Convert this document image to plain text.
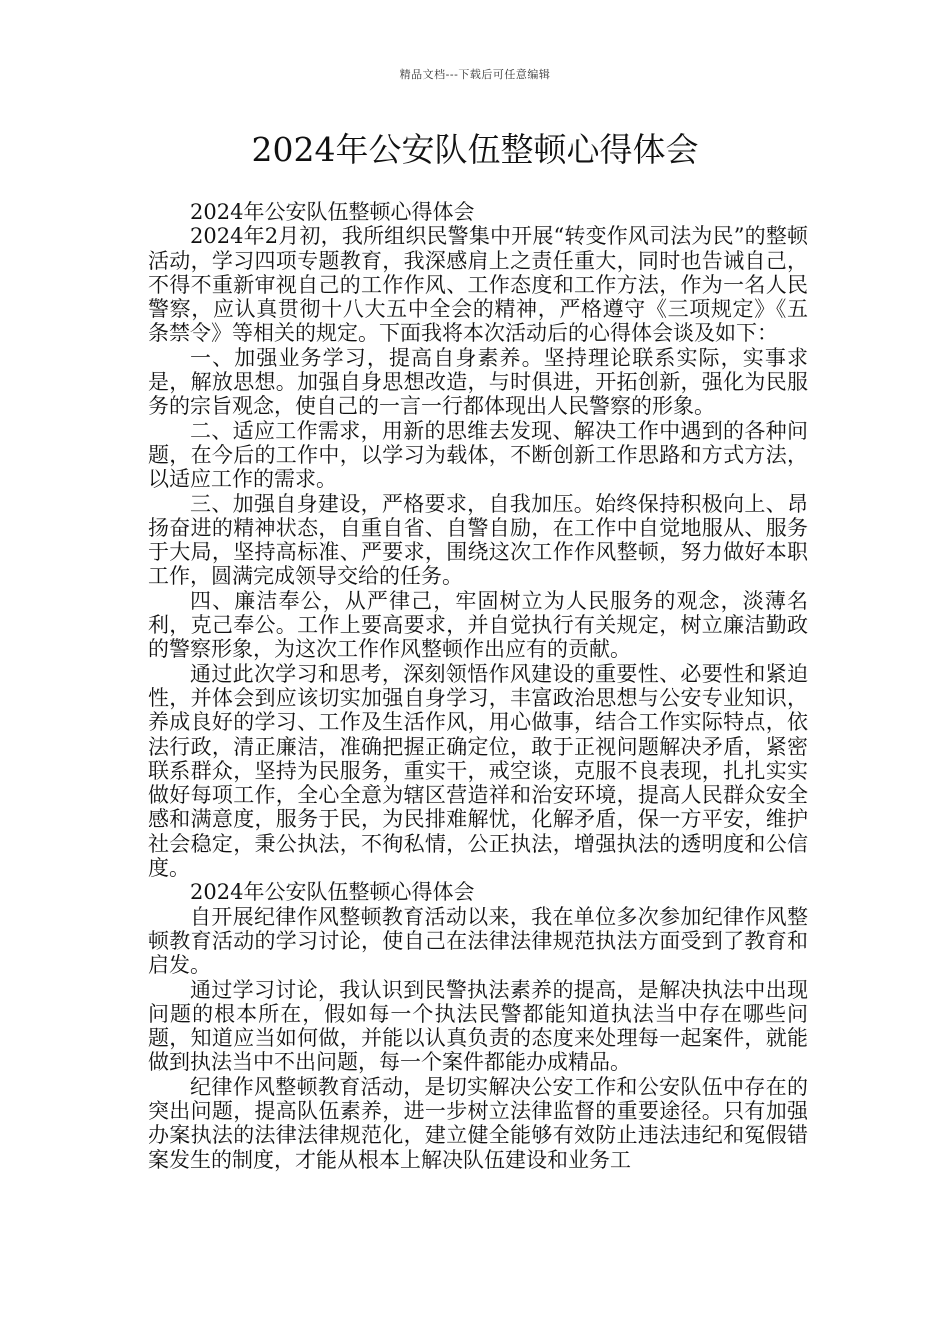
精品文档---下载后可任意编辑
2024年公安队伍整顿心得体会

2024年公安队伍整顿心得体会

2024年2月初，我所组织民警集中开展“转变作风司法为民”的整顿活动，学习四项专题教育，我深感肩上之责任重大，同时也告诫自己，不得不重新审视自己的工作作风、工作态度和工作方法，作为一名人民警察，应认真贯彻十八大五中全会的精神，严格遵守《三项规定》《五条禁令》等相关的规定。下面我将本次活动后的心得体会谈及如下：

一、加强业务学习，提高自身素养。坚持理论联系实际，实事求是，解放思想。加强自身思想改造，与时俱进，开拓创新，强化为民服务的宗旨观念，使自己的一言一行都体现出人民警察的形象。

二、适应工作需求，用新的思维去发现、解决工作中遇到的各种问题，在今后的工作中，以学习为载体，不断创新工作思路和方式方法，以适应工作的需求。

三、加强自身建设，严格要求，自我加压。始终保持积极向上、昂扬奋进的精神状态，自重自省、自警自励，在工作中自觉地服从、服务于大局，坚持高标准、严要求，围绕这次工作作风整顿，努力做好本职工作，圆满完成领导交给的任务。

四、廉洁奉公，从严律己，牢固树立为人民服务的观念，淡薄名利，克己奉公。工作上要高要求，并自觉执行有关规定，树立廉洁勤政的警察形象，为这次工作作风整顿作出应有的贡献。

通过此次学习和思考，深刻领悟作风建设的重要性、必要性和紧迫性，并体会到应该切实加强自身学习，丰富政治思想与公安专业知识，养成良好的学习、工作及生活作风，用心做事，结合工作实际特点，依法行政，清正廉洁，准确把握正确定位，敢于正视问题解决矛盾，紧密联系群众，坚持为民服务，重实干，戒空谈，克服不良表现，扎扎实实做好每项工作，全心全意为辖区营造祥和治安环境，提高人民群众安全感和满意度，服务于民，为民排难解忧，化解矛盾，保一方平安，维护社会稳定，秉公执法，不徇私情，公正执法，增强执法的透明度和公信度。

2024年公安队伍整顿心得体会

自开展纪律作风整顿教育活动以来，我在单位多次参加纪律作风整顿教育活动的学习讨论，使自己在法律法律规范执法方面受到了教育和启发。

通过学习讨论，我认识到民警执法素养的提高，是解决执法中出现问题的根本所在，假如每一个执法民警都能知道执法当中存在哪些问题，知道应当如何做，并能以认真负责的态度来处理每一起案件，就能做到执法当中不出问题，每一个案件都能办成精品。

纪律作风整顿教育活动，是切实解决公安工作和公安队伍中存在的突出问题，提高队伍素养，进一步树立法律监督的重要途径。只有加强办案执法的法律法律规范化，建立健全能够有效防止违法违纪和冤假错案发生的制度，才能从根本上解决队伍建设和业务工
